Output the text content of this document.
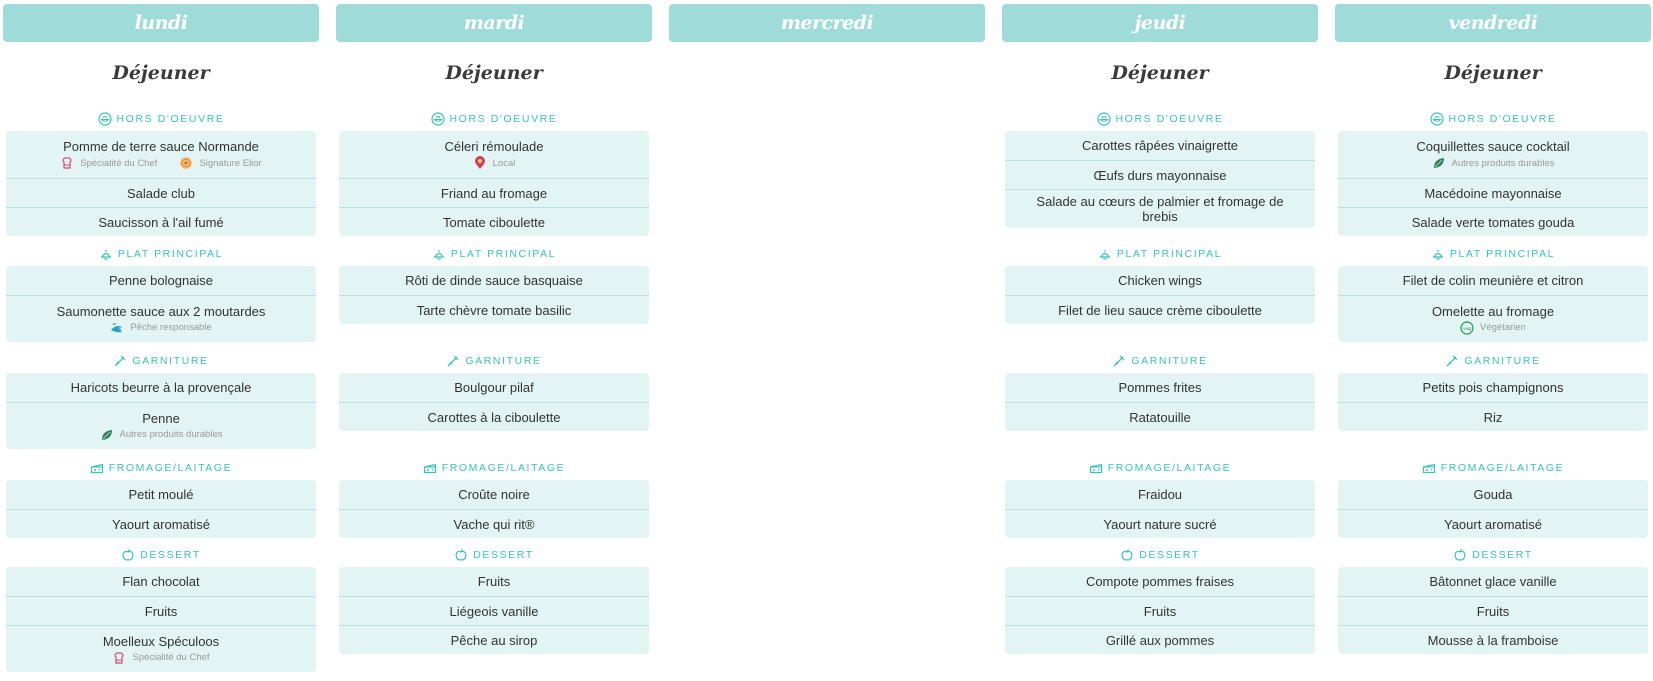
lundi
Déjeuner
HORS D'OEUVRE
Pomme de terre sauce Normande
Spécialité du Chef	Signature Elior
Salade club
Saucisson à l'ail fumé
PLAT PRINCIPAL
Penne bolognaise
Saumonette sauce aux 2 moutardes
Pêche responsable
GARNITURE
Haricots beurre à la provençale
Penne
Autres produits durables
FROMAGE/LAITAGE
Petit moulé
Yaourt aromatisé
DESSERT
Flan chocolat
Fruits
Moelleux Spéculoos
Spécialité du Chef
mardi
Déjeuner
HORS D'OEUVRE
Céleri rémoulade
Local
Friand au fromage
Tomate ciboulette
PLAT PRINCIPAL
Rôti de dinde sauce basquaise
Tarte chèvre tomate basilic
GARNITURE
Boulgour pilaf
Carottes à la ciboulette
FROMAGE/LAITAGE
Croûte noire
Vache qui rit®
DESSERT
Fruits
Liégeois vanille
Pêche au sirop
mercredi	jeudi
Déjeuner
HORS D'OEUVRE
Carottes râpées vinaigrette
Œufs durs mayonnaise
Salade au cœurs de palmier et fromage de brebis
PLAT PRINCIPAL
Chicken wings
Filet de lieu sauce crème ciboulette
GARNITURE
Pommes frites
Ratatouille
FROMAGE/LAITAGE
Fraidou
Yaourt nature sucré
DESSERT
Compote pommes fraises
Fruits
Grillé aux pommes
vendredi
Déjeuner
HORS D'OEUVRE
Coquillettes sauce cocktail
Autres produits durables
Macédoine mayonnaise
Salade verte tomates gouda
PLAT PRINCIPAL
Filet de colin meunière et citron
Omelette au fromage
veg Végétarien
GARNITURE
Petits pois champignons
Riz
FROMAGE/LAITAGE
Gouda
Yaourt aromatisé
DESSERT
Bâtonnet glace vanille
Fruits
Mousse à la framboise
